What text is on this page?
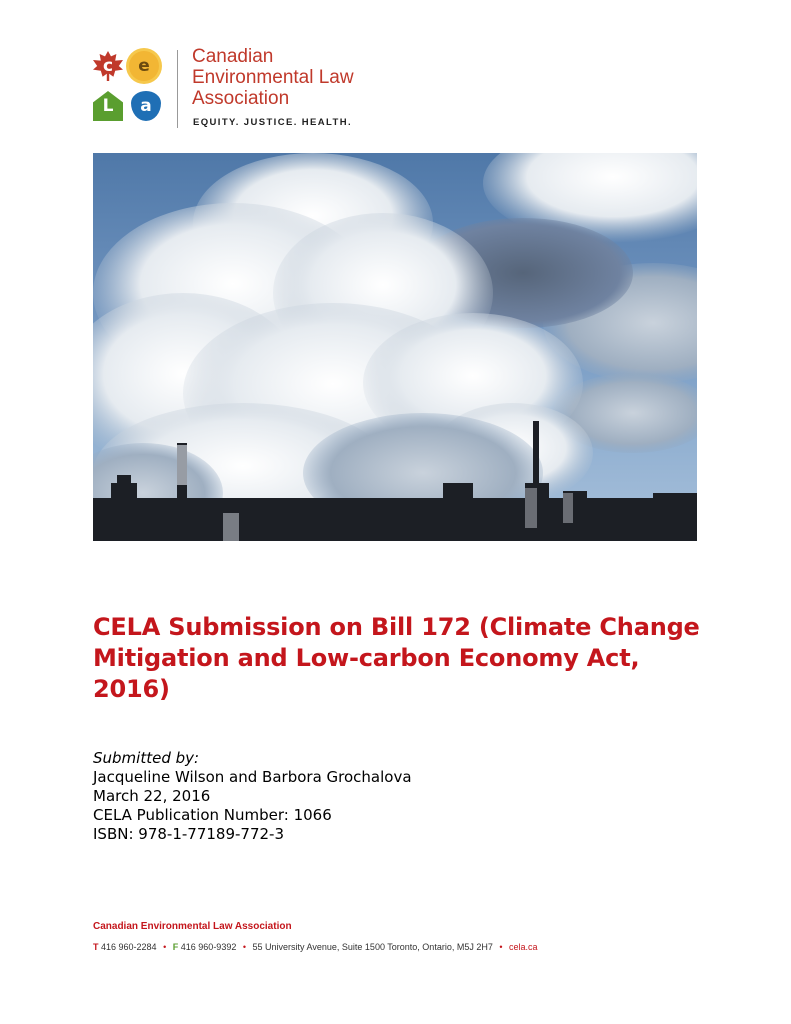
c e
L a
Canadian
Environmental Law
Association
EQUITY. JUSTICE. HEALTH.
CELA Submission on Bill 172 (Climate Change
Mitigation and Low-carbon Economy Act,
2016)
Submitted by:
Jacqueline Wilson and Barbora Grochalova
March 22, 2016
CELA Publication Number: 1066
ISBN: 978-1-77189-772-3
Canadian Environmental Law Association
T 416 960-2284 • F 416 960-9392 • 55 University Avenue, Suite 1500 Toronto, Ontario, M5J 2H7 • cela.ca
